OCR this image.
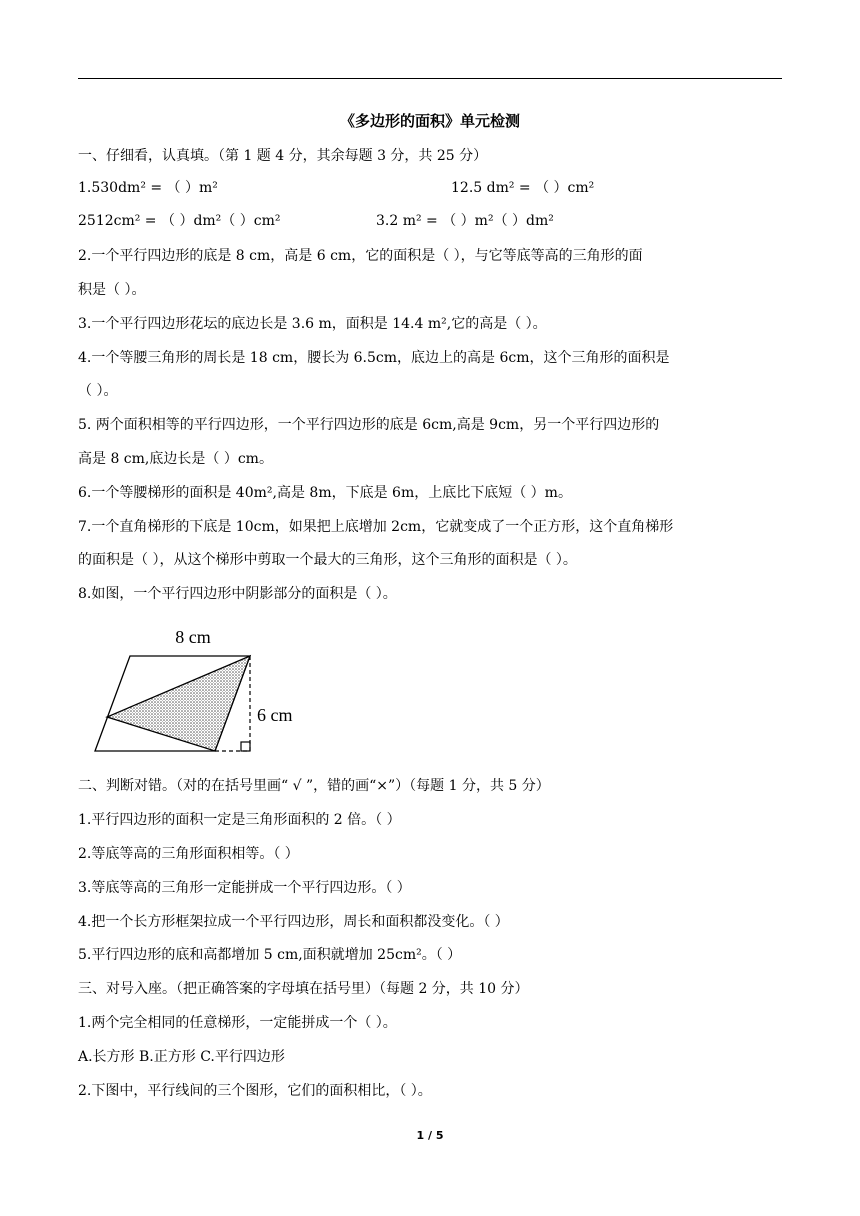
《多边形的面积》单元检测
一、仔细看，认真填。（第 1 题 4 分，其余每题 3 分，共 25 分）
1.530dm² = （ ）m²	12.5 dm² = （ ）cm²
2512cm² = （ ）dm²（ ）cm²	3.2 m² = （ ）m²（ ）dm²
2.一个平行四边形的底是 8 cm，高是 6 cm，它的面积是（ ），与它等底等高的三角形的面
积是（ ）。
3.一个平行四边形花坛的底边长是 3.6 m，面积是 14.4 m²,它的高是（ ）。
4.一个等腰三角形的周长是 18 cm，腰长为 6.5cm，底边上的高是 6cm，这个三角形的面积是
（ ）。
5. 两个面积相等的平行四边形，一个平行四边形的底是 6cm,高是 9cm，另一个平行四边形的
高是 8 cm,底边长是（ ）cm。
6.一个等腰梯形的面积是 40m²,高是 8m，下底是 6m，上底比下底短（ ）m。
7.一个直角梯形的下底是 10cm，如果把上底增加 2cm，它就变成了一个正方形，这个直角梯形
的面积是（ ），从这个梯形中剪取一个最大的三角形，这个三角形的面积是（ ）。
8.如图，一个平行四边形中阴影部分的面积是（ ）。
8 cm
6 cm
二、判断对错。（对的在括号里画“ √ ”，错的画“×”）（每题 1 分，共 5 分）
1.平行四边形的面积一定是三角形面积的 2 倍。（ ）
2.等底等高的三角形面积相等。（ ）
3.等底等高的三角形一定能拼成一个平行四边形。（ ）
4.把一个长方形框架拉成一个平行四边形，周长和面积都没变化。（ ）
5.平行四边形的底和高都增加 5 cm,面积就增加 25cm²。（ ）
三、对号入座。（把正确答案的字母填在括号里）（每题 2 分，共 10 分）
1.两个完全相同的任意梯形，一定能拼成一个（ ）。
A.长方形 B.正方形 C.平行四边形
2.下图中，平行线间的三个图形，它们的面积相比，（ ）。
1 / 5
